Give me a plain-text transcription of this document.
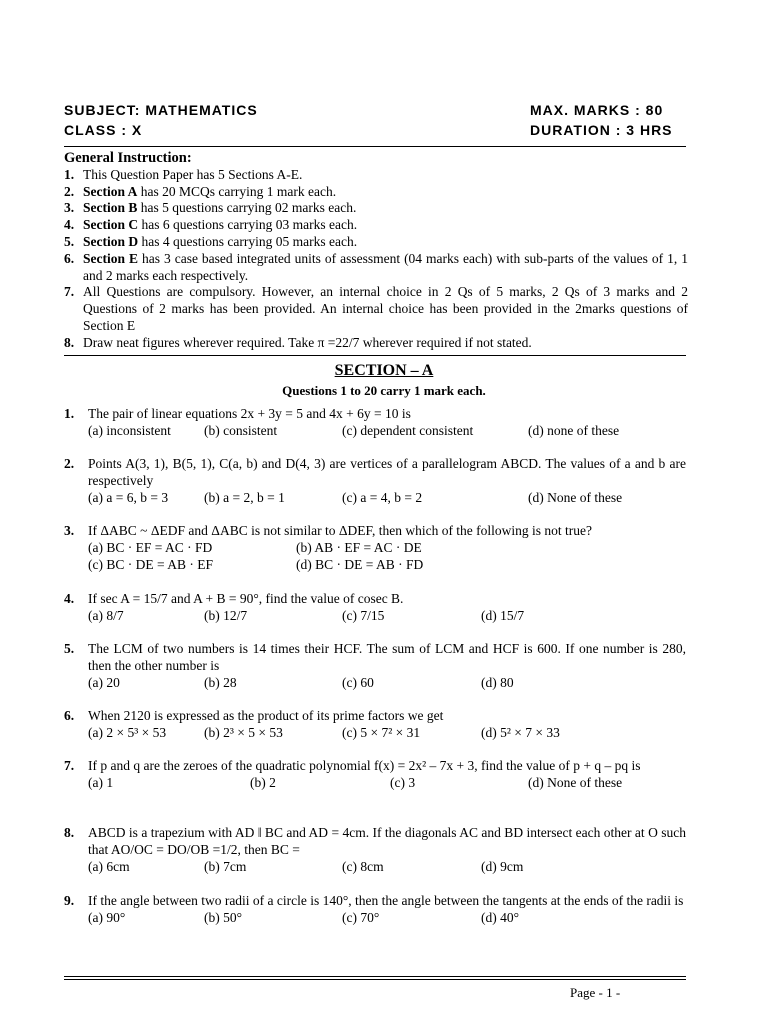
SUBJECT: MATHEMATICS	MAX. MARKS : 80
CLASS : X	DURATION : 3 HRS
General Instruction:
1. This Question Paper has 5 Sections A-E.
2. Section A has 20 MCQs carrying 1 mark each.
3. Section B has 5 questions carrying 02 marks each.
4. Section C has 6 questions carrying 03 marks each.
5. Section D has 4 questions carrying 05 marks each.
6. Section E has 3 case based integrated units of assessment (04 marks each) with sub-parts of the values of 1, 1 and 2 marks each respectively.
7. All Questions are compulsory. However, an internal choice in 2 Qs of 5 marks, 2 Qs of 3 marks and 2 Questions of 2 marks has been provided. An internal choice has been provided in the 2marks questions of Section E
8. Draw neat figures wherever required. Take π =22/7 wherever required if not stated.
SECTION – A
Questions 1 to 20 carry 1 mark each.
1. The pair of linear equations 2x + 3y = 5 and 4x + 6y = 10 is
(a) inconsistent (b) consistent	(c) dependent consistent	(d) none of these
2. Points A(3, 1), B(5, 1), C(a, b) and D(4, 3) are vertices of a parallelogram ABCD. The values of a and b are respectively
(a) a = 6, b = 3	(b) a = 2, b = 1	(c) a = 4, b = 2	(d) None of these
3. If ΔABC ~ ΔEDF and ΔABC is not similar to ΔDEF, then which of the following is not true?
(a) BC · EF = AC · FD	(b) AB · EF = AC · DE
(c) BC · DE = AB · EF	(d) BC · DE = AB · FD
4. If sec A = 15/7 and A + B = 90°, find the value of cosec B.
(a) 8/7	(b) 12/7	(c) 7/15	(d) 15/7
5. The LCM of two numbers is 14 times their HCF. The sum of LCM and HCF is 600. If one number is 280, then the other number is
(a) 20	(b) 28	(c) 60	(d) 80
6. When 2120 is expressed as the product of its prime factors we get
(a) 2 × 5³ × 53	(b) 2³ × 5 × 53	(c) 5 × 7² × 31	(d) 5² × 7 × 33
7. If p and q are the zeroes of the quadratic polynomial f(x) = 2x² – 7x + 3, find the value of p + q – pq is
(a) 1	(b) 2	(c) 3	(d) None of these
8. ABCD is a trapezium with AD ‖ BC and AD = 4cm. If the diagonals AC and BD intersect each other at O such that AO/OC = DO/OB =1/2, then BC =
(a) 6cm	(b) 7cm	(c) 8cm	(d) 9cm
9. If the angle between two radii of a circle is 140°, then the angle between the tangents at the ends of the radii is
(a) 90°	(b) 50°	(c) 70°	(d) 40°
Page - 1 -
